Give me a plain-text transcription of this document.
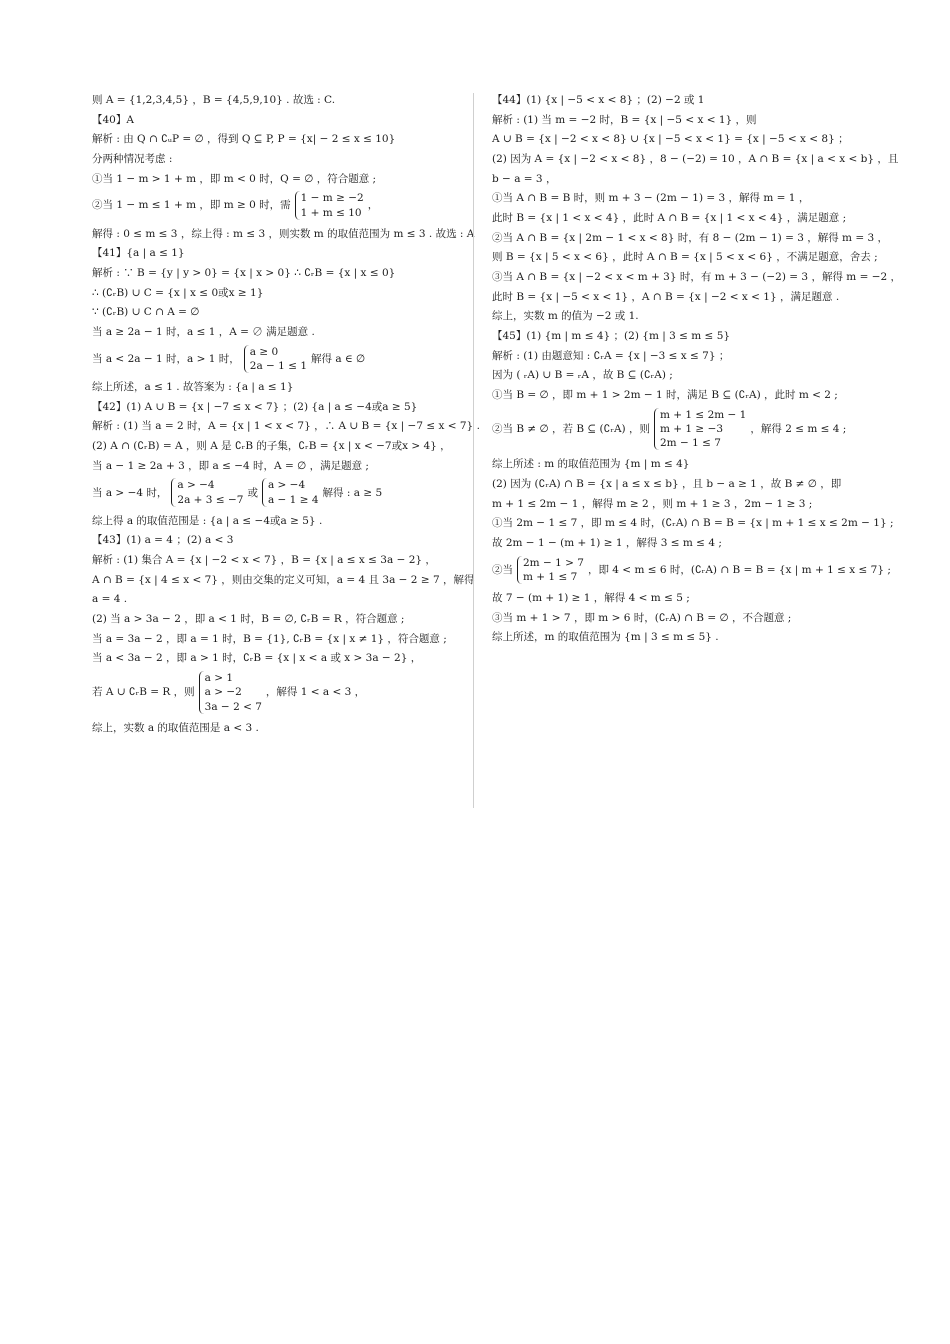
则 A = {1,2,3,4,5} ，B = {4,5,9,10} . 故选 : C.
【40】A
解析 : 由 Q ∩ ∁ᵤP = ∅ ，得到 Q ⊆ P, P = {x| − 2 ≤ x ≤ 10}
分两种情况考虑 :
①当 1 − m > 1 + m ，即 m < 0 时，Q = ∅ ，符合题意 ;
②当 1 − m ≤ 1 + m ，即 m ≥ 0 时，需
1 − m ≥ −2
1 + m ≤ 10
，
解得 : 0 ≤ m ≤ 3 ，综上得 : m ≤ 3 ，则实数 m 的取值范围为 m ≤ 3 . 故选 : A
【41】{a | a ≤ 1}
解析 : ∵ B = {y | y > 0} = {x | x > 0} ∴ ∁ᵣB = {x | x ≤ 0}
∴ (∁ᵣB) ∪ C = {x | x ≤ 0或x ≥ 1}
∵ (∁ᵣB) ∪ C ∩ A = ∅
当 a ≥ 2a − 1 时，a ≤ 1 ，A = ∅ 满足题意 .
当 a < 2a − 1 时，a > 1 时，
a ≥ 0
2a − 1 ≤ 1
解得 a ∈ ∅
综上所述，a ≤ 1 . 故答案为 : {a | a ≤ 1}
【42】(1) A ∪ B = {x | −7 ≤ x < 7} ；(2) {a | a ≤ −4或a ≥ 5}
解析 : (1) 当 a = 2 时，A = {x | 1 < x < 7} ，∴ A ∪ B = {x | −7 ≤ x < 7} .
(2) A ∩ (∁ᵣB) = A ，则 A 是 ∁ᵣB 的子集，∁ᵣB = {x | x < −7或x > 4} ，
当 a − 1 ≥ 2a + 3 ，即 a ≤ −4 时，A = ∅ ，满足题意 ;
当 a > −4 时，
a > −4
2a + 3 ≤ −7
或
a > −4
a − 1 ≥ 4
解得 : a ≥ 5
综上得 a 的取值范围是 : {a | a ≤ −4或a ≥ 5} .
【43】(1) a = 4 ；(2) a < 3
解析 : (1) 集合 A = {x | −2 < x < 7} ，B = {x | a ≤ x ≤ 3a − 2} ，
A ∩ B = {x | 4 ≤ x < 7} ，则由交集的定义可知，a = 4 且 3a − 2 ≥ 7 ，解得
a = 4 .
(2) 当 a > 3a − 2 ，即 a < 1 时，B = ∅, ∁ᵣB = R ，符合题意 ;
当 a = 3a − 2 ，即 a = 1 时，B = {1}, ∁ᵣB = {x | x ≠ 1} ，符合题意 ;
当 a < 3a − 2 ，即 a > 1 时，∁ᵣB = {x | x < a 或 x > 3a − 2} ，
若 A ∪ ∁ᵣB = R ，则
a > 1
a > −2
3a − 2 < 7
，解得 1 < a < 3 ，
综上，实数 a 的取值范围是 a < 3 .
【44】(1) {x | −5 < x < 8} ；(2) −2 或 1
解析 : (1) 当 m = −2 时，B = {x | −5 < x < 1} ，则
A ∪ B = {x | −2 < x < 8} ∪ {x | −5 < x < 1} = {x | −5 < x < 8} ；
(2) 因为 A = {x | −2 < x < 8} ，8 − (−2) = 10 ，A ∩ B = {x | a < x < b} ，且
b − a = 3 ，
①当 A ∩ B = B 时，则 m + 3 − (2m − 1) = 3 ，解得 m = 1 ，
此时 B = {x | 1 < x < 4} ，此时 A ∩ B = {x | 1 < x < 4} ，满足题意 ;
②当 A ∩ B = {x | 2m − 1 < x < 8} 时，有 8 − (2m − 1) = 3 ，解得 m = 3 ，
则 B = {x | 5 < x < 6} ，此时 A ∩ B = {x | 5 < x < 6} ，不满足题意，舍去 ;
③当 A ∩ B = {x | −2 < x < m + 3} 时，有 m + 3 − (−2) = 3 ，解得 m = −2 ，
此时 B = {x | −5 < x < 1} ，A ∩ B = {x | −2 < x < 1} ，满足题意 .
综上，实数 m 的值为 −2 或 1.
【45】(1) {m | m ≤ 4} ；(2) {m | 3 ≤ m ≤ 5}
解析 : (1) 由题意知 : ∁ᵣA = {x | −3 ≤ x ≤ 7} ；
因为 ( ᵣA) ∪ B = ᵣA ，故 B ⊆ (∁ᵣA) ;
①当 B = ∅ ，即 m + 1 > 2m − 1 时，满足 B ⊆ (∁ᵣA) ，此时 m < 2 ;
②当 B ≠ ∅ ，若 B ⊆ (∁ᵣA) ，则
m + 1 ≤ 2m − 1
m + 1 ≥ −3
2m − 1 ≤ 7
，解得 2 ≤ m ≤ 4 ;
综上所述 : m 的取值范围为 {m | m ≤ 4}
(2) 因为 (∁ᵣA) ∩ B = {x | a ≤ x ≤ b} ，且 b − a ≥ 1 ，故 B ≠ ∅ ，即
m + 1 ≤ 2m − 1 ，解得 m ≥ 2 ，则 m + 1 ≥ 3 ，2m − 1 ≥ 3 ;
①当 2m − 1 ≤ 7 ，即 m ≤ 4 时，(∁ᵣA) ∩ B = B = {x | m + 1 ≤ x ≤ 2m − 1} ;
故 2m − 1 − (m + 1) ≥ 1 ，解得 3 ≤ m ≤ 4 ;
②当
2m − 1 > 7
m + 1 ≤ 7
，即 4 < m ≤ 6 时，(∁ᵣA) ∩ B = B = {x | m + 1 ≤ x ≤ 7} ;
故 7 − (m + 1) ≥ 1 ，解得 4 < m ≤ 5 ;
③当 m + 1 > 7 ，即 m > 6 时，(∁ᵣA) ∩ B = ∅ ，不合题意 ;
综上所述，m 的取值范围为 {m | 3 ≤ m ≤ 5} .
